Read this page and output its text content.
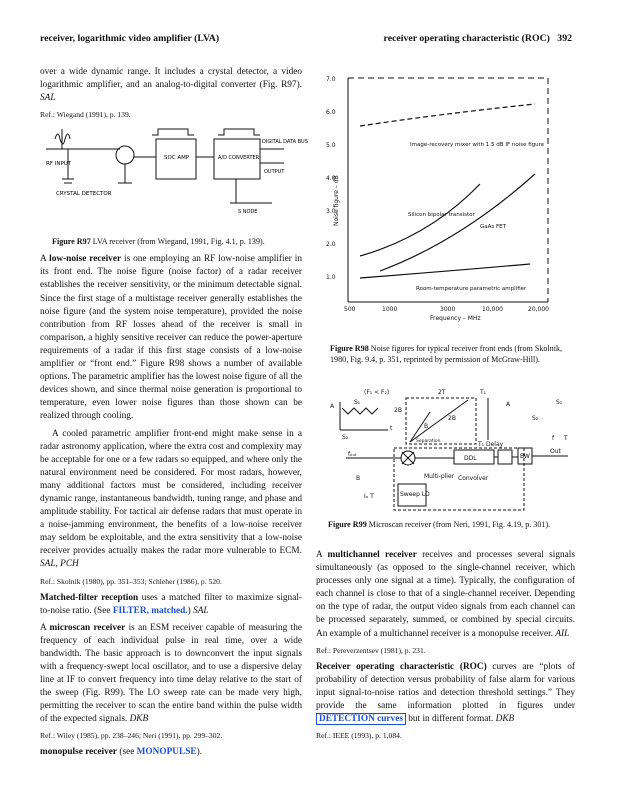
receiver, logarithmic video amplifier (LVA)	receiver operating characteristic (ROC) 392

over a wide dynamic range. It includes a crystal detector, a video logarithmic amplifier, and an analog-to-digital converter (Fig. R97). SAL

Ref.: Wiegand (1991), p. 139.
RF INPUT
SOC AMP	A/D CONVERTER
DIGITAL DATA BUS
OUTPUT
CRYSTAL DETECTOR
S NODE
Figure R97 LVA receiver (from Wiegand, 1991, Fig. 4.1, p. 139).

A low-noise receiver is one employing an RF low-noise amplifier in its front end. The noise figure (noise factor) of a radar receiver establishes the receiver sensitivity, or the minimum detectable signal. Since the first stage of a multistage receiver generally establishes the noise figure (and the system noise temperature), provided the noise contribution from RF losses ahead of the receiver is small in comparison, a highly sensitive receiver can reduce the power-aperture requirements of a radar if this first stage consists of a low-noise amplifier or “front end.” Figure R98 shows a number of available options. The parametric amplifier has the lowest noise figure of all the devices shown, and since thermal noise generation is proportional to temperature, even lower noise figures than those shown can be realized through cooling.

A cooled parametric amplifier front-end might make sense in a radar astronomy application, where the extra cost and complexity may be acceptable for one or a few radars so equipped, and where only the natural environment need be considered. For most radars, however, many additional factors must be considered, including receiver dynamic range, instantaneous bandwidth, tuning range, and phase and amplitude stability. For tactical air defense radars that must operate in a noise-jamming environment, the benefits of a low-noise receiver may seldom be exploitable, and the extra sensitivity that a low-noise receiver provides actually makes the radar more vulnerable to ECM. SAL, PCH

Ref.: Skolnik (1980), pp. 351–353; Schleher (1986), p. 520.

Matched-filter reception uses a matched filter to maximize signal-to-noise ratio. (See FILTER, matched.) SAL

A microscan receiver is an ESM receiver capable of measuring the frequency of each individual pulse in real time, over a wide bandwidth. The basic approach is to downconvert the input signals with a frequency-swept local oscillator, and to use a dispersive delay line at IF to convert frequency into time delay relative to the start of the sweep (Fig. R99). The LO sweep rate can be made very high, permitting the receiver to scan the entire band within the pulse width of the expected signals. DKB

Ref.: Wiley (1985), pp. 238–246; Neri (1991), pp. 299–302.

monopulse receiver (see MONOPULSE).

7.0
6.0
5.0
4.0
3.0
2.0
1.0
500	1000	3000	10,000	20,000
Frequency – MHz
Noise figure – dB
Image-recovery mixer with 1.5 dB IF noise figure
Silicon bipolar transistor
GaAs FET
Room-temperature parametric amplifier
Figure R98 Noise figures for typical receiver front ends (from Skolnik, 1980, Fig. 9.4, p. 351, reprinted by permission of McGraw-Hill).
(F₁ < F₂)
A
S₁
S₂
t
2T
2B
2B
B
T₁
T₁ Delay
A	S₁
S₂
DDL	BW
Out
fₒᵤₜ
B	Multi-plier Convolver
Sweep LO
Iₒ T
Separation	f T
Figure R99 Microscan receiver (from Neri, 1991, Fig. 4.19, p. 301).

A multichannel receiver receives and processes several signals simultaneously (as opposed to the single-channel receiver, which processes only one signal at a time). Typically, the configuration of each channel is close to that of a single-channel receiver. Depending on the type of radar, the output video signals from each channel can be processed separately, summed, or combined by special circuits. An example of a multichannel receiver is a monopulse receiver. AIL

Ref.: Pereverzentsev (1981), p. 231.

Receiver operating characteristic (ROC) curves are “plots of probability of detection versus probability of false alarm for various input signal-to-noise ratios and detection threshold settings.” They provide the same information plotted in figures under DETECTION curves but in different format. DKB

Ref.: IEEE (1993), p. 1,084.
